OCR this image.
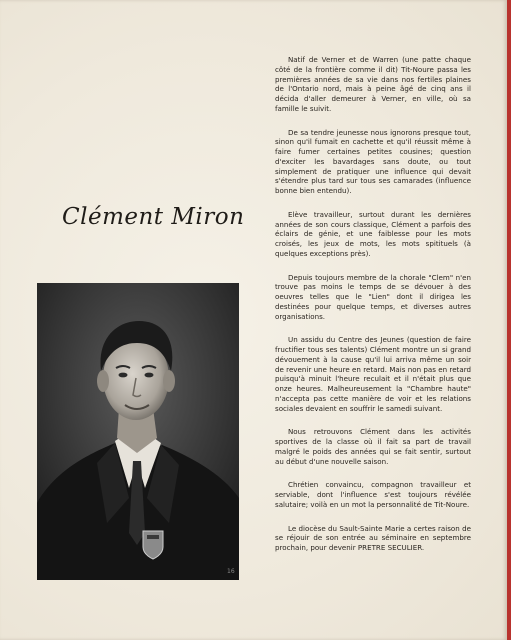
Clément Miron
16

Natif de Verner et de Warren (une patte chaque côté de la frontière comme il dit) Tit-Noure passa les premières années de sa vie dans nos fertiles plaines de l'Ontario nord, mais à peine âgé de cinq ans il décida d'aller demeurer à Verner, en ville, où sa famille le suivit.

De sa tendre jeunesse nous ignorons presque tout, sinon qu'il fumait en cachette et qu'il réussit même à faire fumer certaines petites cousines; question d'exciter les bavardages sans doute, ou tout simplement de pratiquer une influence qui devait s'étendre plus tard sur tous ses camarades (influence bonne bien entendu).

Elève travailleur, surtout durant les dernières années de son cours classique, Clément a parfois des éclairs de génie, et une faiblesse pour les mots croisés, les jeux de mots, les mots spitituels (à quelques exceptions près).

Depuis toujours membre de la chorale "Clem" n'en trouve pas moins le temps de se dévouer à des oeuvres telles que le "Lien" dont il dirigea les destinées pour quelque temps, et diverses autres organisations.

Un assidu du Centre des Jeunes (question de faire fructifier tous ses talents) Clément montre un si grand dévouement à la cause qu'il lui arriva même un soir de revenir une heure en retard. Mais non pas en retard puisqu'à minuit l'heure reculait et il n'était plus que onze heures. Malheureusement la "Chambre haute" n'accepta pas cette manière de voir et les relations sociales devaient en souffrir le samedi suivant.

Nous retrouvons Clément dans les activités sportives de la classe où il fait sa part de travail malgré le poids des années qui se fait sentir, surtout au début d'une nouvelle saison.

Chrétien convaincu, compagnon travailleur et serviable, dont l'influence s'est toujours révélée salutaire; voilà en un mot la personnalité de Tit-Noure.

Le diocèse du Sault-Sainte Marie a certes raison de se réjouir de son entrée au séminaire en septembre prochain, pour devenir PRETRE SECULIER.
